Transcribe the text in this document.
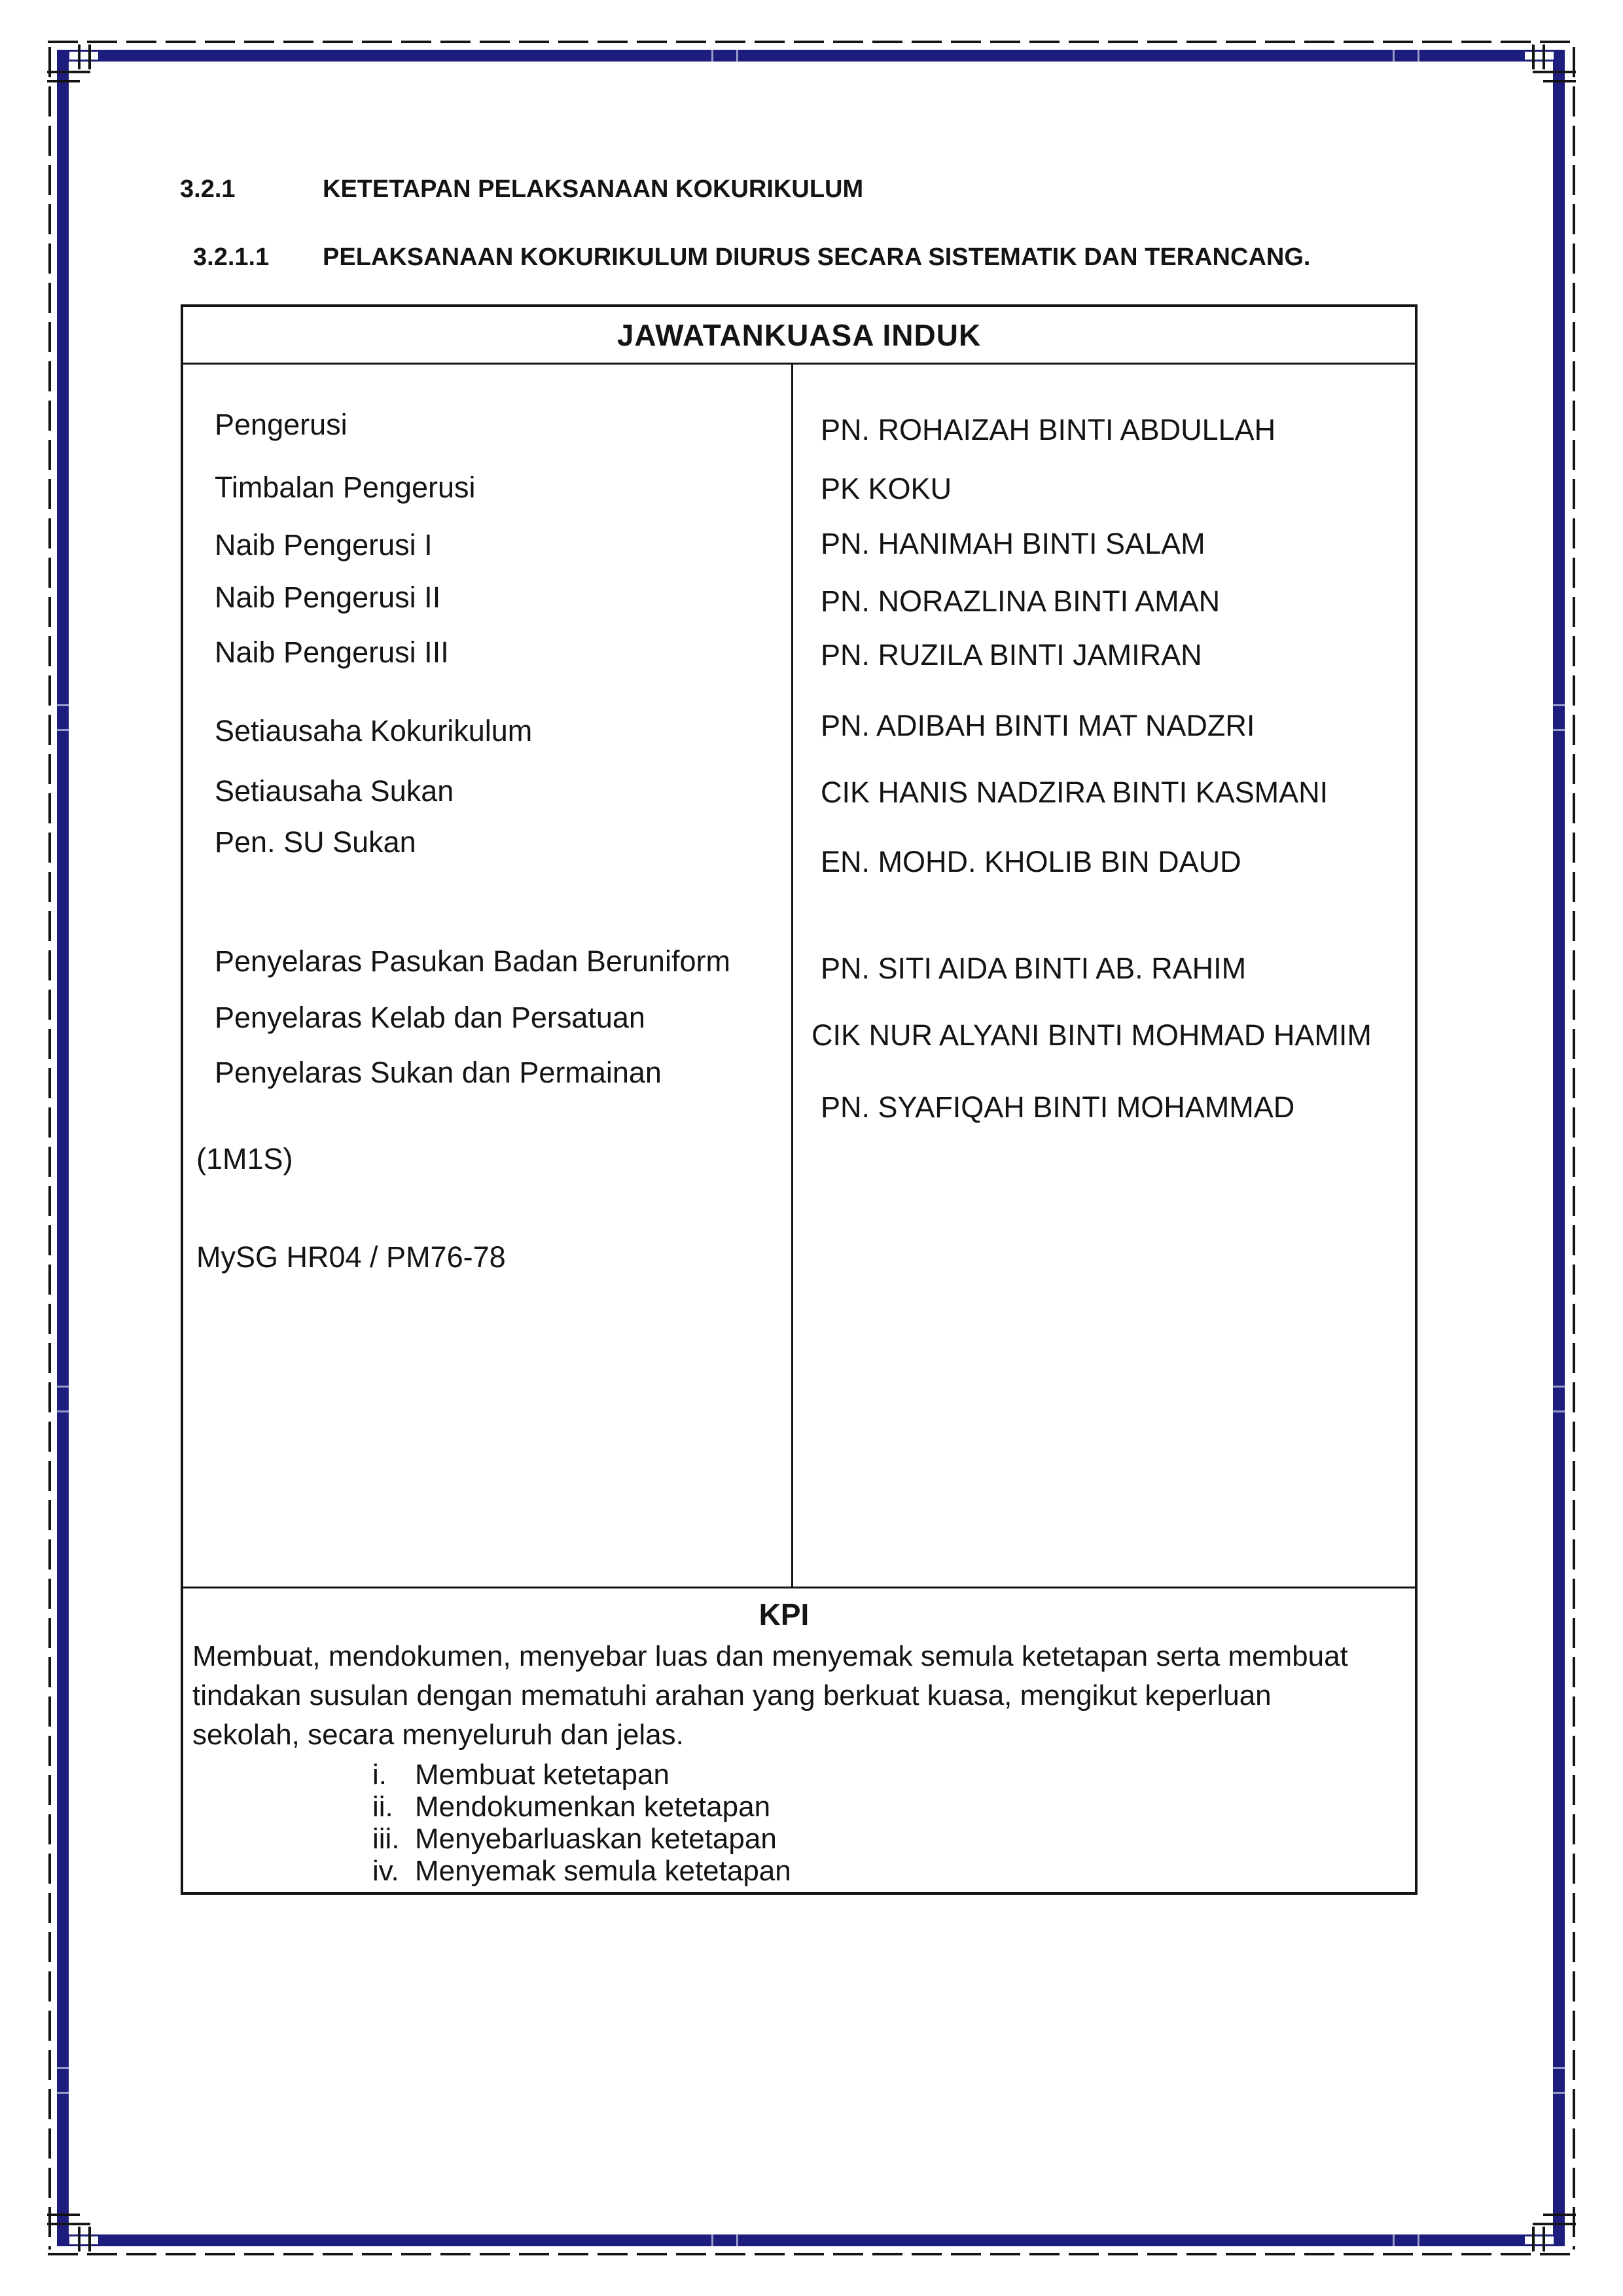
3.2.1	KETETAPAN PELAKSANAAN KOKURIKULUM
3.2.1.1 PELAKSANAAN KOKURIKULUM DIURUS SECARA SISTEMATIK DAN TERANCANG.
JAWATANKUASA INDUK
Pengerusi
Timbalan Pengerusi
Naib Pengerusi I
Naib Pengerusi II
Naib Pengerusi III
Setiausaha Kokurikulum
Setiausaha Sukan
Pen. SU Sukan
Penyelaras Pasukan Badan Beruniform
Penyelaras Kelab dan Persatuan
Penyelaras Sukan dan Permainan
(1M1S)
MySG HR04 / PM76-78
PN. ROHAIZAH BINTI ABDULLAH
PK KOKU
PN. HANIMAH BINTI SALAM
PN. NORAZLINA BINTI AMAN
PN. RUZILA BINTI JAMIRAN
PN. ADIBAH BINTI MAT NADZRI
CIK HANIS NADZIRA BINTI KASMANI
EN. MOHD. KHOLIB BIN DAUD
PN. SITI AIDA BINTI AB. RAHIM
CIK NUR ALYANI BINTI MOHMAD HAMIM
PN. SYAFIQAH BINTI MOHAMMAD
KPI
Membuat, mendokumen, menyebar luas dan menyemak semula ketetapan serta membuat tindakan susulan dengan mematuhi arahan yang berkuat kuasa, mengikut keperluan sekolah, secara menyeluruh dan jelas.
i. Membuat ketetapan
ii. Mendokumenkan ketetapan
iii. Menyebarluaskan ketetapan
iv. Menyemak semula ketetapan
